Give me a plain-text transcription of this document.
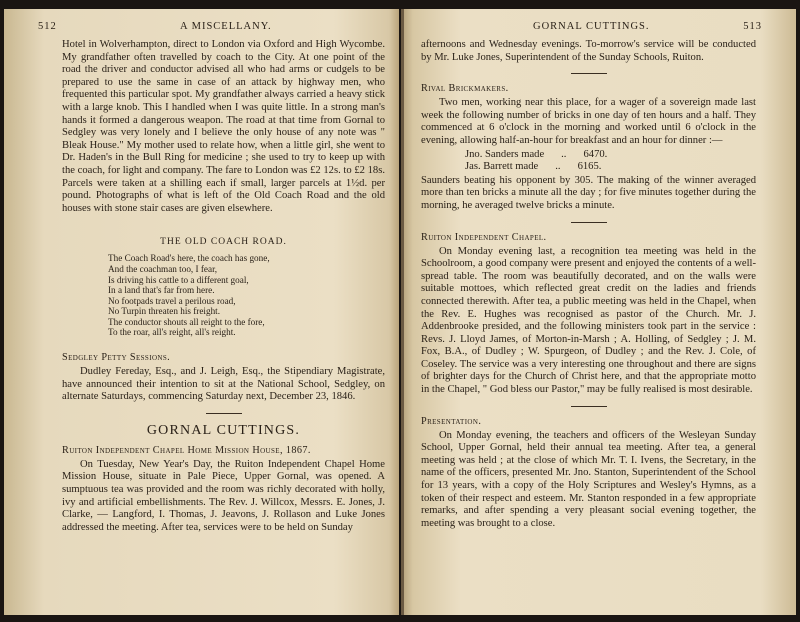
512	A MISCELLANY.

Hotel in Wolverhampton, direct to London via Oxford and High Wycombe. My grandfather often travelled by coach to the City. At one point of the road the driver and conductor advised all who had arms or cudgels to be prepared to use the same in case of an attack by highway men, who frequented this particular spot. My grandfather always carried a heavy stick with a large knob. This I handled when I was quite little. In a strong man's hands it formed a dangerous weapon. The road at that time from Gornal to Sedgley was very lonely and I believe the only house of any note was " Bleak House." My mother used to relate how, when a little girl, she went to Dr. Haden's in the Bull Ring for medicine ; she used to try to keep up with the coach, for light and company. The fare to London was £2 12s. to £2 18s. Parcels were taken at a shilling each if small, larger parcels at 1½d. per pound. Photographs of what is left of the Old Coach Road and the old houses with stone stair cases are given elsewhere.

THE OLD COACH ROAD.
The Coach Road's here, the coach has gone,
And the coachman too, I fear,
Is driving his cattle to a different goal,
In a land that's far from here.
No footpads travel a perilous road,
No Turpin threaten his freight.
The conductor shouts all reight to the fore,
To the roar, all's reight, all's reight.
Sedgley Petty Sessions.

Dudley Fereday, Esq., and J. Leigh, Esq., the Stipendiary Magistrate, have announced their intention to sit at the National School, Sedgley, on alternate Saturdays, commencing Saturday next, December 23, 1846.

GORNAL CUTTINGS.
Ruiton Independent Chapel Home Mission House, 1867.

On Tuesday, New Year's Day, the Ruiton Independent Chapel Home Mission House, situate in Pale Piece, Upper Gornal, was opened. A sumptuous tea was provided and the room was richly decorated with holly, ivy and artificial embellishments. The Rev. J. Willcox, Messrs. E. Jones, J. Clarke, — Langford, I. Thomas, J. Jeavons, J. Rollason and Luke Jones addressed the meeting. After tea, services were to be held on Sunday

GORNAL CUTTINGS.	513

afternoons and Wednesday evenings. To-morrow's service will be conducted by Mr. Luke Jones, Superintendent of the Sunday Schools, Ruiton.

Rival Brickmakers.

Two men, working near this place, for a wager of a sovereign made last week the following number of bricks in one day of ten hours and a half. They commenced at 6 o'clock in the morning and worked until 6 o'clock in the evening, allowing half-an-hour for breakfast and an hour for dinner :—

Jno. Sanders made .. 6470.
Jas. Barrett made .. 6165.

Saunders beating his opponent by 305. The making of the winner averaged more than ten bricks a minute all the day ; for five minutes together during the morning, he averaged twelve bricks a minute.

Ruiton Independent Chapel.

On Monday evening last, a recognition tea meeting was held in the Schoolroom, a good company were present and enjoyed the contents of a well-spread table. The room was beautifully decorated, and on the walls were suitable mottoes, which reflected great credit on the ladies and friends connected therewith. After tea, a public meeting was held in the Chapel, when the Rev. E. Hughes was recognised as pastor of the Church. Mr. J. Addenbrooke presided, and the following ministers took part in the service : Revs. J. Lloyd James, of Morton-in-Marsh ; A. Holling, of Sedgley ; J. M. Fox, B.A., of Dudley ; W. Spurgeon, of Dudley ; and the Rev. J. Cole, of Coseley. The service was a very interesting one throughout and there are signs of brighter days for the Church of Christ here, and that the appropriate motto in the Chapel, " God bless our Pastor," may be fully realised is most desirable.

Presentation.

On Monday evening, the teachers and officers of the Wesleyan Sunday School, Upper Gornal, held their annual tea meeting. After tea, a general meeting was held ; at the close of which Mr. T. I. Ivens, the Secretary, in the name of the officers, presented Mr. Jno. Stanton, Superintendent of the School for 13 years, with a copy of the Holy Scriptures and Wesley's Hymns, as a token of their respect and esteem. Mr. Stanton responded in a few appropriate remarks, and after spending a very pleasant social evening together, the meeting was brought to a close.
